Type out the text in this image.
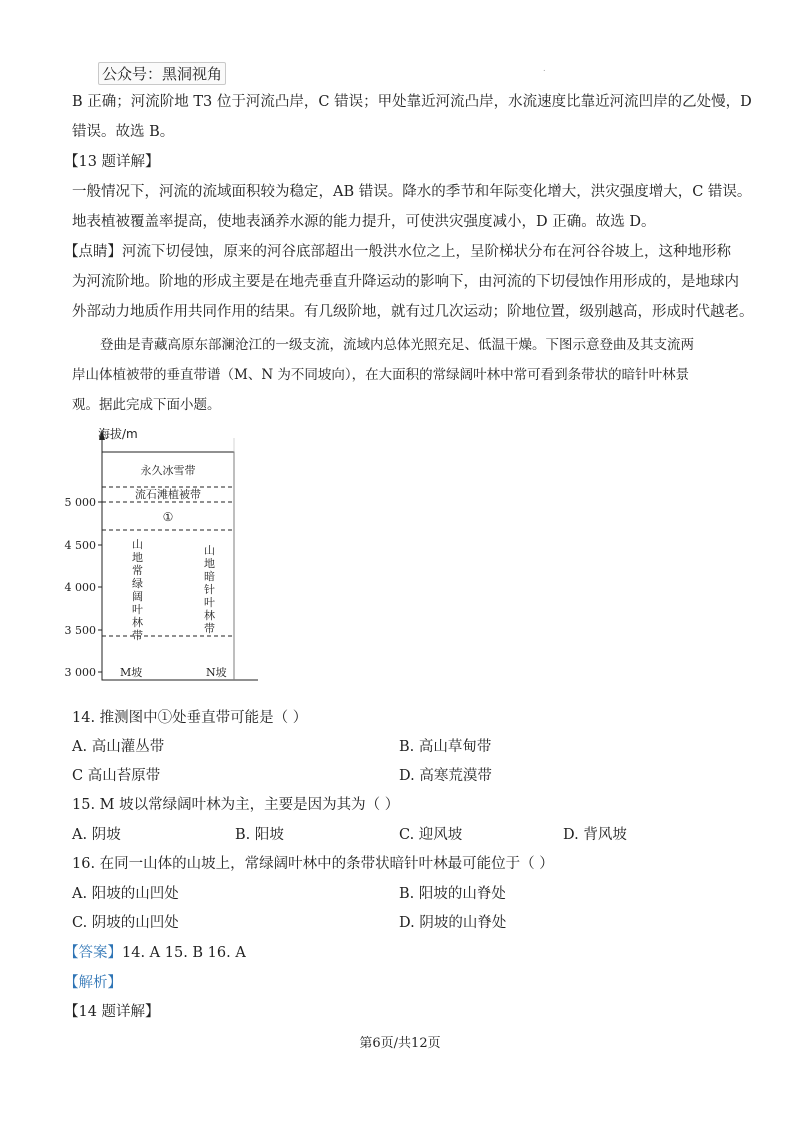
公众号：黑洞视角	.
B 正确；河流阶地 T3 位于河流凸岸，C 错误；甲处靠近河流凸岸，水流速度比靠近河流凹岸的乙处慢，D
错误。故选 B。
【13 题详解】
一般情况下，河流的流域面积较为稳定，AB 错误。降水的季节和年际变化增大，洪灾强度增大，C 错误。
地表植被覆盖率提高，使地表涵养水源的能力提升，可使洪灾强度减小，D 正确。故选 D。
【点睛】河流下切侵蚀，原来的河谷底部超出一般洪水位之上，呈阶梯状分布在河谷谷坡上，这种地形称
为河流阶地。阶地的形成主要是在地壳垂直升降运动的影响下，由河流的下切侵蚀作用形成的，是地球内
外部动力地质作用共同作用的结果。有几级阶地，就有过几次运动；阶地位置，级别越高，形成时代越老。
登曲是青藏高原东部澜沧江的一级支流，流域内总体光照充足、低温干燥。下图示意登曲及其支流两
岸山体植被带的垂直带谱（M、N 为不同坡向），在大面积的常绿阔叶林中常可看到条带状的暗针叶林景
观。据此完成下面小题。
海拔/m
5 000
4 500
4 000
3 500
3 000
永久冰雪带
流石滩植被带
①
山
地
常
绿
阔
叶
林
带
山
地
暗
针
叶
林
带
M坡	N坡
14. 推测图中①处垂直带可能是（ ）
A. 高山灌丛带	B. 高山草甸带
C 高山苔原带	D. 高寒荒漠带
15. M 坡以常绿阔叶林为主，主要是因为其为（ ）
A. 阴坡	B. 阳坡	C. 迎风坡	D. 背风坡
16. 在同一山体的山坡上，常绿阔叶林中的条带状暗针叶林最可能位于（ ）
A. 阳坡的山凹处	B. 阳坡的山脊处
C. 阴坡的山凹处	D. 阴坡的山脊处
【答案】14. A 15. B 16. A
【解析】
【14 题详解】
第6页/共12页
